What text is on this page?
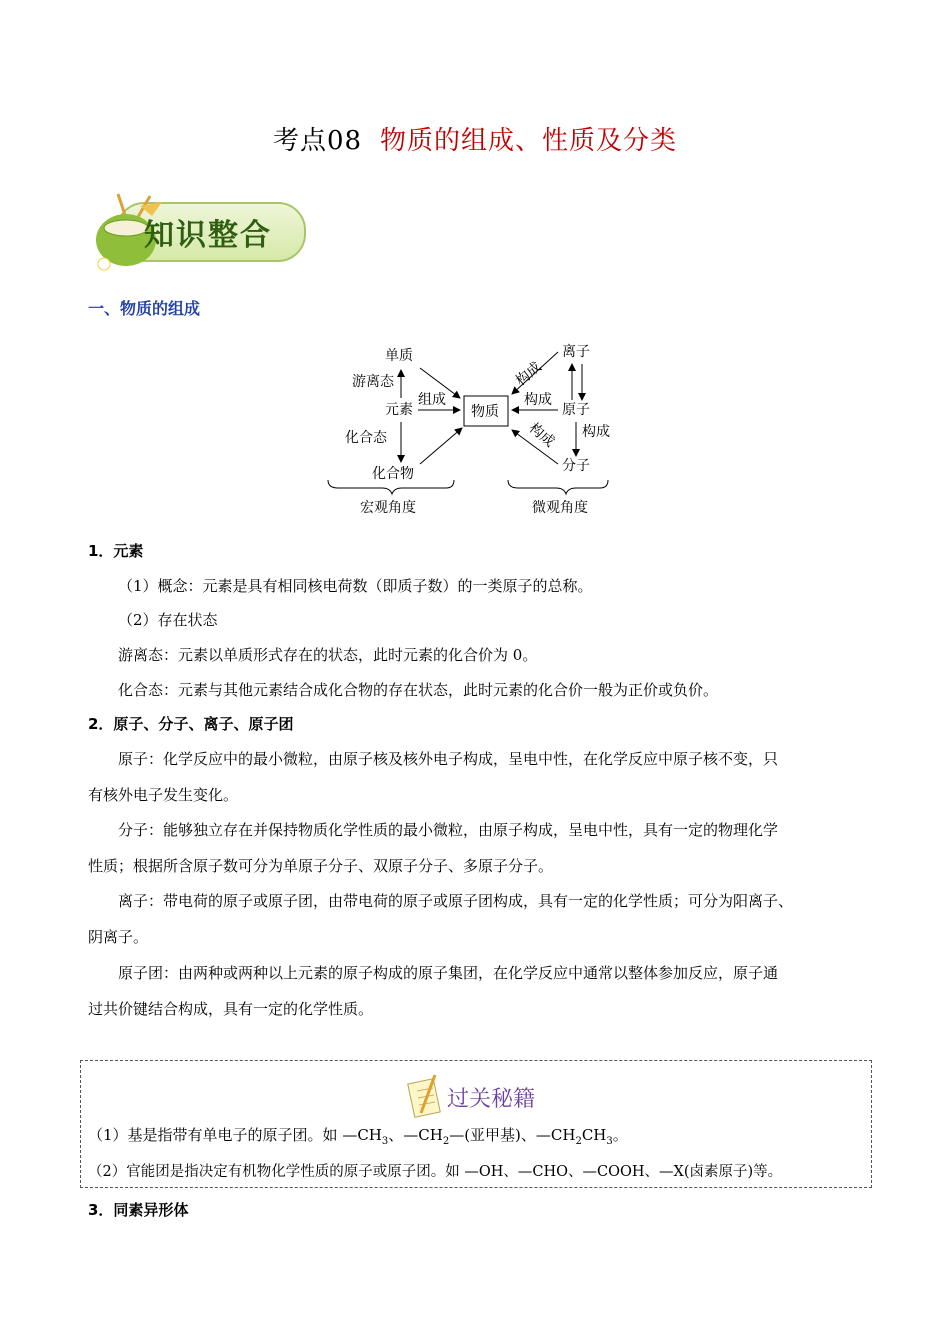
考点08 物质的组成、性质及分类
知识整合
一、物质的组成
单质
游离态
元素
组成
化合态
化合物
物质
离子
原子
分子
构成
构成
构成 构成
宏观角度	微观角度
1．元素
（1）概念：元素是具有相同核电荷数（即质子数）的一类原子的总称。
（2）存在状态
游离态：元素以单质形式存在的状态，此时元素的化合价为 0。
化合态：元素与其他元素结合成化合物的存在状态，此时元素的化合价一般为正价或负价。
2．原子、分子、离子、原子团
原子：化学反应中的最小微粒，由原子核及核外电子构成，呈电中性，在化学反应中原子核不变，只
有核外电子发生变化。
分子：能够独立存在并保持物质化学性质的最小微粒，由原子构成，呈电中性，具有一定的物理化学
性质；根据所含原子数可分为单原子分子、双原子分子、多原子分子。
离子：带电荷的原子或原子团，由带电荷的原子或原子团构成，具有一定的化学性质；可分为阳离子、
阴离子。
原子团：由两种或两种以上元素的原子构成的原子集团，在化学反应中通常以整体参加反应，原子通
过共价键结合构成，具有一定的化学性质。
过关秘籍
（1）基是指带有单电子的原子团。如 $—CH_3$、$—CH_2—$(亚甲基)、$—CH_2CH_3$。
（2）官能团是指决定有机物化学性质的原子或原子团。如 —OH、—CHO、—COOH、—X(卤素原子)等。
3．同素异形体
